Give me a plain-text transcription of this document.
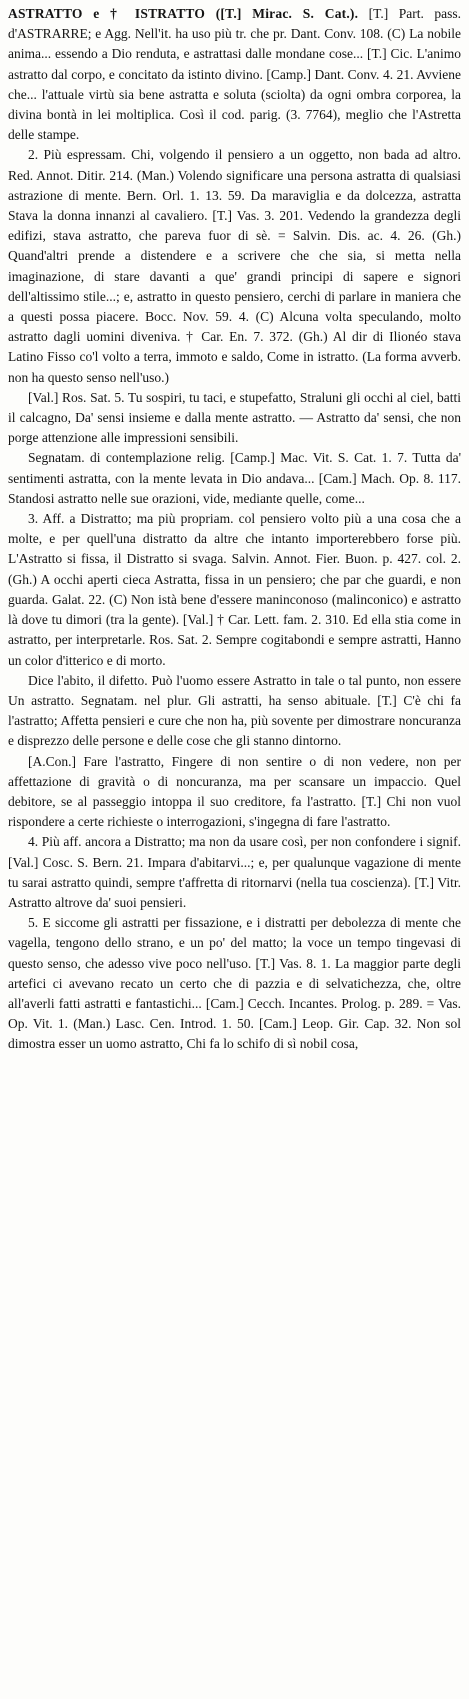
ASTRATTO e † ISTRATTO ([T.] Mirac. S. Cat.). [T.] Part. pass. d'ASTRARRE; e Agg. Nell'it. ha uso più tr. che pr. Dant. Conv. 108. (C) La nobile anima... essendo a Dio renduta, e astrattasi dalle mondane cose... [T.] Cic. L'animo astratto dal corpo, e concitato da istinto divino. [Camp.] Dant. Conv. 4. 21. Avviene che... l'attuale virtù sia bene astratta e soluta (sciolta) da ogni ombra corporea, la divina bontà in lei moltiplica. Così il cod. parig. (3. 7764), meglio che l'Astretta delle stampe.
2. Più espressam. Chi, volgendo il pensiero a un oggetto, non bada ad altro. Red. Annot. Ditir. 214. (Man.) Volendo significare una persona astratta di qualsiasi astrazione di mente. Bern. Orl. 1. 13. 59. Da maraviglia e da dolcezza, astratta Stava la donna innanzi al cavaliero. [T.] Vas. 3. 201. Vedendo la grandezza degli edifizi, stava astratto, che pareva fuor di sè. = Salvin. Dis. ac. 4. 26. (Gh.) Quand'altri prende a distendere e a scrivere che che sia, si metta nella imaginazione, di stare davanti a que' grandi principi di sapere e signori dell'altissimo stile...; e, astratto in questo pensiero, cerchi di parlare in maniera che a questi possa piacere. Bocc. Nov. 59. 4. (C) Alcuna volta speculando, molto astratto dagli uomini diveniva. † Car. En. 7. 372. (Gh.) Al dir di Ilionéo stava Latino Fisso co'l volto a terra, immoto e saldo, Come in istratto. (La forma avverb. non ha questo senso nell'uso.)
[Val.] Ros. Sat. 5. Tu sospiri, tu taci, e stupefatto, Straluni gli occhi al ciel, batti il calcagno, Da' sensi insieme e dalla mente astratto. — Astratto da' sensi, che non porge attenzione alle impressioni sensibili.
Segnatam. di contemplazione relig. [Camp.] Mac. Vit. S. Cat. 1. 7. Tutta da' sentimenti astratta, con la mente levata in Dio andava... [Cam.] Mach. Op. 8. 117. Standosi astratto nelle sue orazioni, vide, mediante quelle, come...
3. Aff. a Distratto; ma più propriam. col pensiero volto più a una cosa che a molte, e per quell'una distratto da altre che intanto importerebbero forse più. L'Astratto si fissa, il Distratto si svaga. Salvin. Annot. Fier. Buon. p. 427. col. 2. (Gh.) A occhi aperti cieca Astratta, fissa in un pensiero; che par che guardi, e non guarda. Galat. 22. (C) Non istà bene d'essere maninconoso (malinconico) e astratto là dove tu dimori (tra la gente). [Val.] † Car. Lett. fam. 2. 310. Ed ella stia come in astratto, per interpretarle. Ros. Sat. 2. Sempre cogitabondi e sempre astratti, Hanno un color d'itterico e di morto.
Dice l'abito, il difetto. Può l'uomo essere Astratto in tale o tal punto, non essere Un astratto. Segnatam. nel plur. Gli astratti, ha senso abituale. [T.] C'è chi fa l'astratto; Affetta pensieri e cure che non ha, più sovente per dimostrare noncuranza e disprezzo delle persone e delle cose che gli stanno dintorno.
[A.Con.] Fare l'astratto, Fingere di non sentire o di non vedere, non per affettazione di gravità o di noncuranza, ma per scansare un impaccio. Quel debitore, se al passeggio intoppa il suo creditore, fa l'astratto. [T.] Chi non vuol rispondere a certe richieste o interrogazioni, s'ingegna di fare l'astratto.
4. Più aff. ancora a Distratto; ma non da usare così, per non confondere i signif. [Val.] Cosc. S. Bern. 21. Impara d'abitarvi...; e, per qualunque vagazione di mente tu sarai astratto quindi, sempre t'affretta di ritornarvi (nella tua coscienza). [T.] Vitr. Astratto altrove da' suoi pensieri.
5. E siccome gli astratti per fissazione, e i distratti per debolezza di mente che vagella, tengono dello strano, e un po' del matto; la voce un tempo tingevasi di questo senso, che adesso vive poco nell'uso. [T.] Vas. 8. 1. La maggior parte degli artefici ci avevano recato un certo che di pazzia e di selvatichezza, che, oltre all'averli fatti astratti e fantastichi... [Cam.] Cecch. Incantes. Prolog. p. 289. = Vas. Op. Vit. 1. (Man.) Lasc. Cen. Introd. 1. 50. [Cam.] Leop. Gir. Cap. 32. Non sol dimostra esser un uomo astratto, Chi fa lo schifo di sì nobil cosa,
